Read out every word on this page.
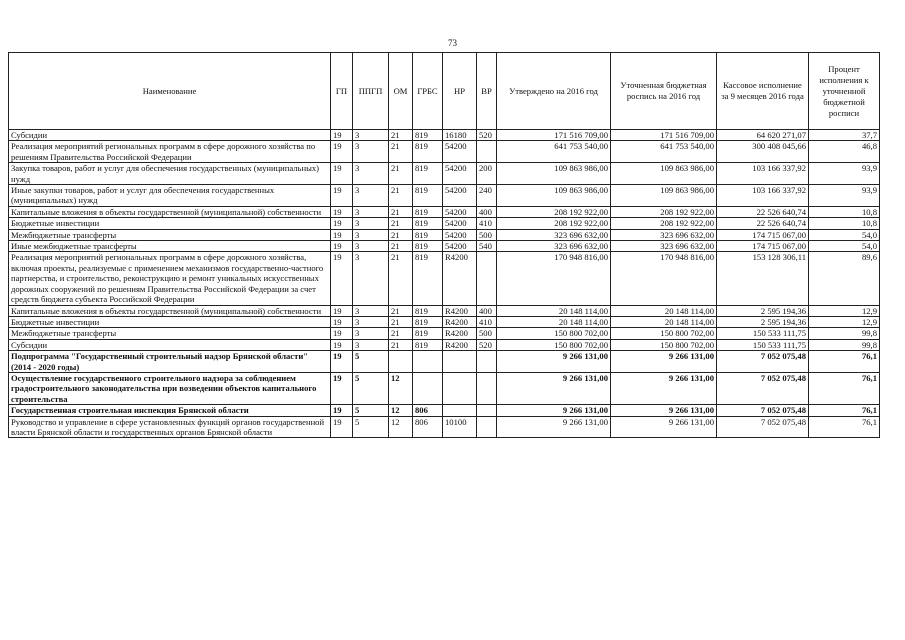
73
Наименование	ГП	ППГП	ОМ	ГРБС	НР	ВР	Утверждено на 2016 год	Уточненная бюджетная роспись на 2016 год	Кассовое исполнение за 9 месяцев 2016 года	Процент исполнения к уточненной бюджетной росписи
Субсидии	19	3	21	819	16180	520	171 516 709,00	171 516 709,00	64 620 271,07	37,7
Реализация мероприятий региональных программ в сфере дорожного хозяйства по решениям Правительства Российской Федерации	19	3	21	819	54200		641 753 540,00	641 753 540,00	300 408 045,66	46,8
Закупка товаров, работ и услуг для обеспечения государственных (муниципальных) нужд	19	3	21	819	54200	200	109 863 986,00	109 863 986,00	103 166 337,92	93,9
Иные закупки товаров, работ и услуг для обеспечения государственных (муниципальных) нужд	19	3	21	819	54200	240	109 863 986,00	109 863 986,00	103 166 337,92	93,9
Капитальные вложения в объекты государственной (муниципальной) собственности	19	3	21	819	54200	400	208 192 922,00	208 192 922,00	22 526 640,74	10,8
Бюджетные инвестиции	19	3	21	819	54200	410	208 192 922,00	208 192 922,00	22 526 640,74	10,8
Межбюджетные трансферты	19	3	21	819	54200	500	323 696 632,00	323 696 632,00	174 715 067,00	54,0
Иные межбюджетные трансферты	19	3	21	819	54200	540	323 696 632,00	323 696 632,00	174 715 067,00	54,0
Реализация мероприятий региональных программ в сфере дорожного хозяйства, включая проекты, реализуемые с применением механизмов государственно-частного партнерства, и строительство, реконструкцию и ремонт уникальных искусственных дорожных сооружений по решениям Правительства Российской Федерации за счет средств бюджета субъекта Российской Федерации	19	3	21	819	R4200		170 948 816,00	170 948 816,00	153 128 306,11	89,6
Капитальные вложения в объекты государственной (муниципальной) собственности	19	3	21	819	R4200	400	20 148 114,00	20 148 114,00	2 595 194,36	12,9
Бюджетные инвестиции	19	3	21	819	R4200	410	20 148 114,00	20 148 114,00	2 595 194,36	12,9
Межбюджетные трансферты	19	3	21	819	R4200	500	150 800 702,00	150 800 702,00	150 533 111,75	99,8
Субсидии	19	3	21	819	R4200	520	150 800 702,00	150 800 702,00	150 533 111,75	99,8
Подпрограмма "Государственный строительный надзор Брянской области" (2014 - 2020 годы)	19	5					9 266 131,00	9 266 131,00	7 052 075,48	76,1
Осуществление государственного строительного надзора за соблюдением градостроительного законодательства при возведении объектов капитального строительства	19	5	12				9 266 131,00	9 266 131,00	7 052 075,48	76,1
Государственная строительная инспекция Брянской области	19	5	12	806			9 266 131,00	9 266 131,00	7 052 075,48	76,1
Руководство и управление в сфере установленных функций органов государственной власти Брянской области и государственных органов Брянской области	19	5	12	806	10100		9 266 131,00	9 266 131,00	7 052 075,48	76,1
